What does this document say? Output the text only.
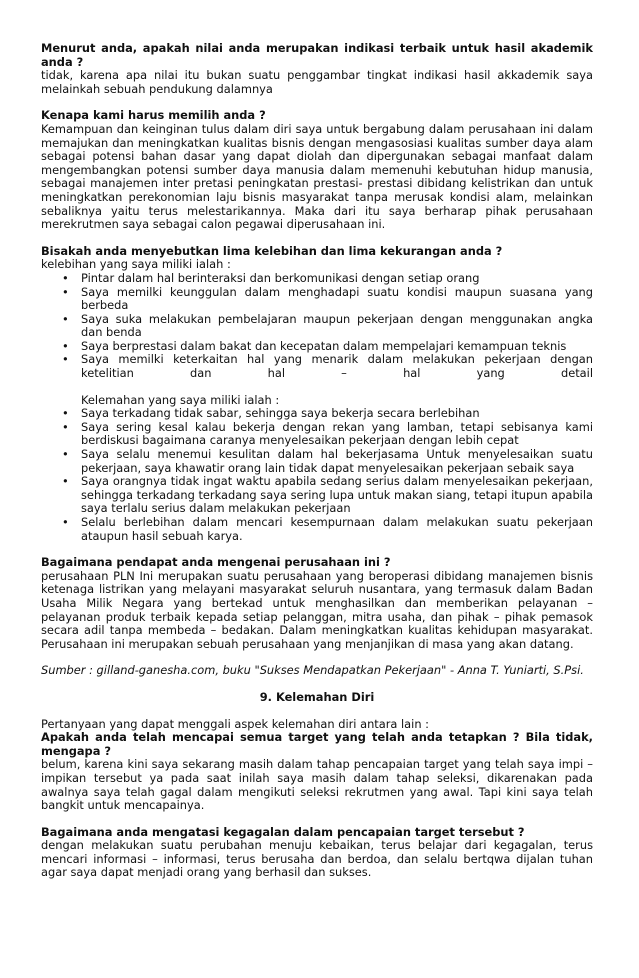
Menurut anda, apakah nilai anda merupakan indikasi terbaik untuk hasil akademik anda ?

tidak, karena apa nilai itu bukan suatu penggambar tingkat indikasi hasil akkademik saya melainkah sebuah pendukung dalamnya

Kenapa kami harus memilih anda ?

Kemampuan dan keinginan tulus dalam diri saya untuk bergabung dalam perusahaan ini dalam memajukan dan meningkatkan kualitas bisnis dengan mengasosiasi kualitas sumber daya alam sebagai potensi bahan dasar yang dapat diolah dan dipergunakan sebagai manfaat dalam mengembangkan potensi sumber daya manusia dalam memenuhi kebutuhan hidup manusia, sebagai manajemen inter pretasi peningkatan prestasi- prestasi dibidang kelistrikan dan untuk meningkatkan perekonomian laju bisnis masyarakat tanpa merusak kondisi alam, melainkan sebaliknya yaitu terus melestarikannya. Maka dari itu saya berharap pihak perusahaan merekrutmen saya sebagai calon pegawai diperusahaan ini.

Bisakah anda menyebutkan lima kelebihan dan lima kekurangan anda ?

kelebihan yang saya miliki ialah :

• Pintar dalam hal berinteraksi dan berkomunikasi dengan setiap orang
• Saya memilki keunggulan dalam menghadapi suatu kondisi maupun suasana yang berbeda
• Saya suka melakukan pembelajaran maupun pekerjaan dengan menggunakan angka dan benda
• Saya berprestasi dalam bakat dan kecepatan dalam mempelajari kemampuan teknis
• Saya memilki keterkaitan hal yang menarik dalam melakukan pekerjaan dengan ketelitian dan hal – hal yang detail

Kelemahan yang saya miliki ialah :

• Saya terkadang tidak sabar, sehingga saya bekerja secara berlebihan
• Saya sering kesal kalau bekerja dengan rekan yang lamban, tetapi sebisanya kami berdiskusi bagaimana caranya menyelesaikan pekerjaan dengan lebih cepat
• Saya selalu menemui kesulitan dalam hal bekerjasama Untuk menyelesaikan suatu pekerjaan, saya khawatir orang lain tidak dapat menyelesaikan pekerjaan sebaik saya
• Saya orangnya tidak ingat waktu apabila sedang serius dalam menyelesaikan pekerjaan, sehingga terkadang terkadang saya sering lupa untuk makan siang, tetapi itupun apabila saya terlalu serius dalam melakukan pekerjaan
• Selalu berlebihan dalam mencari kesempurnaan dalam melakukan suatu pekerjaan ataupun hasil sebuah karya.

Bagaimana pendapat anda mengenai perusahaan ini ?

perusahaan PLN Ini merupakan suatu perusahaan yang beroperasi dibidang manajemen bisnis ketenaga listrikan yang melayani masyarakat seluruh nusantara, yang termasuk dalam Badan Usaha Milik Negara yang bertekad untuk menghasilkan dan memberikan pelayanan – pelayanan produk terbaik kepada setiap pelanggan, mitra usaha, dan pihak – pihak pemasok secara adil tanpa membeda – bedakan. Dalam meningkatkan kualitas kehidupan masyarakat. Perusahaan ini merupakan sebuah perusahaan yang menjanjikan di masa yang akan datang.

Sumber : gilland-ganesha.com, buku "Sukses Mendapatkan Pekerjaan" - Anna T. Yuniarti, S.Psi.

9. Kelemahan Diri

Pertanyaan yang dapat menggali aspek kelemahan diri antara lain :

Apakah anda telah mencapai semua target yang telah anda tetapkan ? Bila tidak, mengapa ?

belum, karena kini saya sekarang masih dalam tahap pencapaian target yang telah saya impi – impikan tersebut ya pada saat inilah saya masih dalam tahap seleksi, dikarenakan pada awalnya saya telah gagal dalam mengikuti seleksi rekrutmen yang awal. Tapi kini saya telah bangkit untuk mencapainya.

Bagaimana anda mengatasi kegagalan dalam pencapaian target tersebut ?

dengan melakukan suatu perubahan menuju kebaikan, terus belajar dari kegagalan, terus mencari informasi – informasi, terus berusaha dan berdoa, dan selalu bertqwa dijalan tuhan agar saya dapat menjadi orang yang berhasil dan sukses.
